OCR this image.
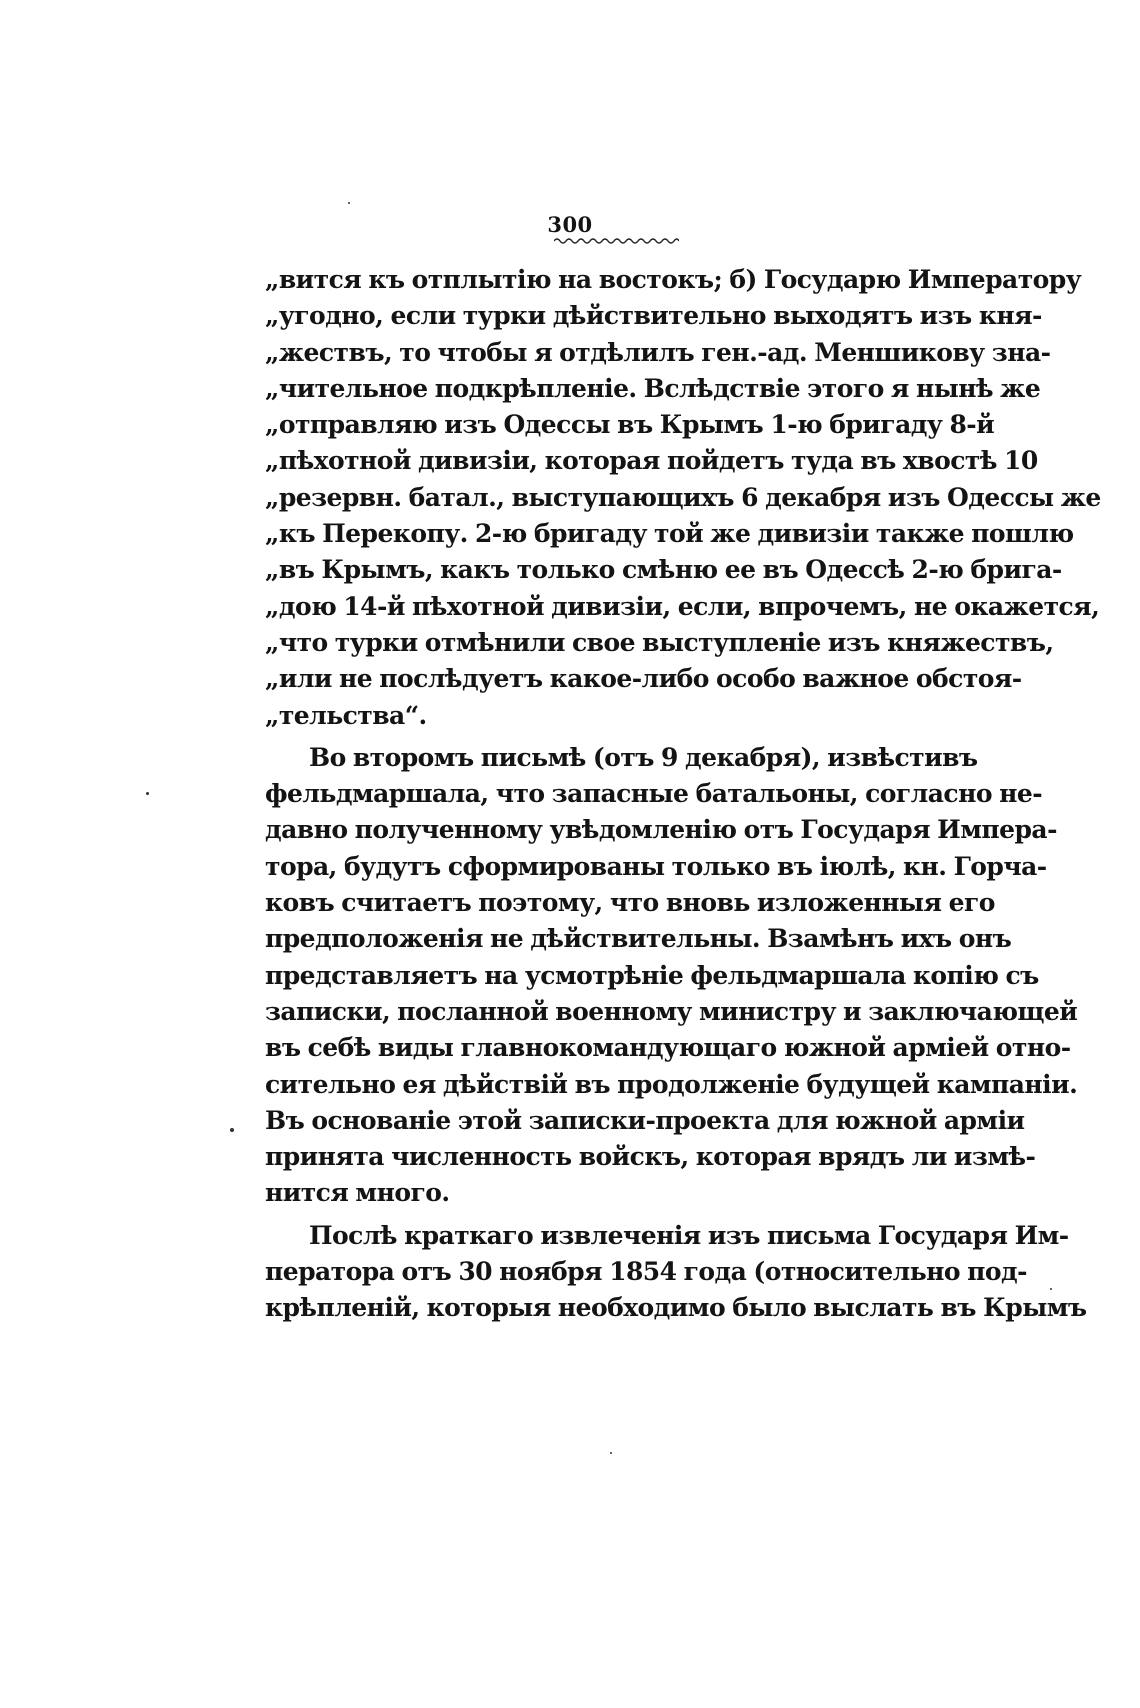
300
„вится къ отплытію на востокъ; б) Государю Императору
„угодно, если турки дѣйствительно выходятъ изъ кня-
„жествъ, то чтобы я отдѣлилъ ген.-ад. Меншикову зна-
„чительное подкрѣпленіе. Вслѣдствіе этого я нынѣ же
„отправляю изъ Одессы въ Крымъ 1-ю бригаду 8-й
„пѣхотной дивизіи, которая пойдетъ туда въ хвостѣ 10
„резервн. батал., выступающихъ 6 декабря изъ Одессы же
„къ Перекопу. 2-ю бригаду той же дивизіи также пошлю
„въ Крымъ, какъ только смѣню ее въ Одессѣ 2-ю брига-
„дою 14-й пѣхотной дивизіи, если, впрочемъ, не окажется,
„что турки отмѣнили свое выступленіе изъ княжествъ,
„или не послѣдуетъ какое-либо особо важное обстоя-
„тельства“.
Во второмъ письмѣ (отъ 9 декабря), извѣстивъ
фельдмаршала, что запасные батальоны, согласно не-
давно полученному увѣдомленію отъ Государя Импера-
тора, будутъ сформированы только въ іюлѣ, кн. Горча-
ковъ считаетъ поэтому, что вновь изложенныя его
предположенія не дѣйствительны. Взамѣнъ ихъ онъ
представляетъ на усмотрѣніе фельдмаршала копію съ
записки, посланной военному министру и заключающей
въ себѣ виды главнокомандующаго южной арміей отно-
сительно ея дѣйствій въ продолженіе будущей кампаніи.
Въ основаніе этой записки-проекта для южной арміи
принята численность войскъ, которая врядъ ли измѣ-
нится много.
Послѣ краткаго извлеченія изъ письма Государя Им-
ператора отъ 30 ноября 1854 года (относительно под-
крѣпленій, которыя необходимо было выслать въ Крымъ
